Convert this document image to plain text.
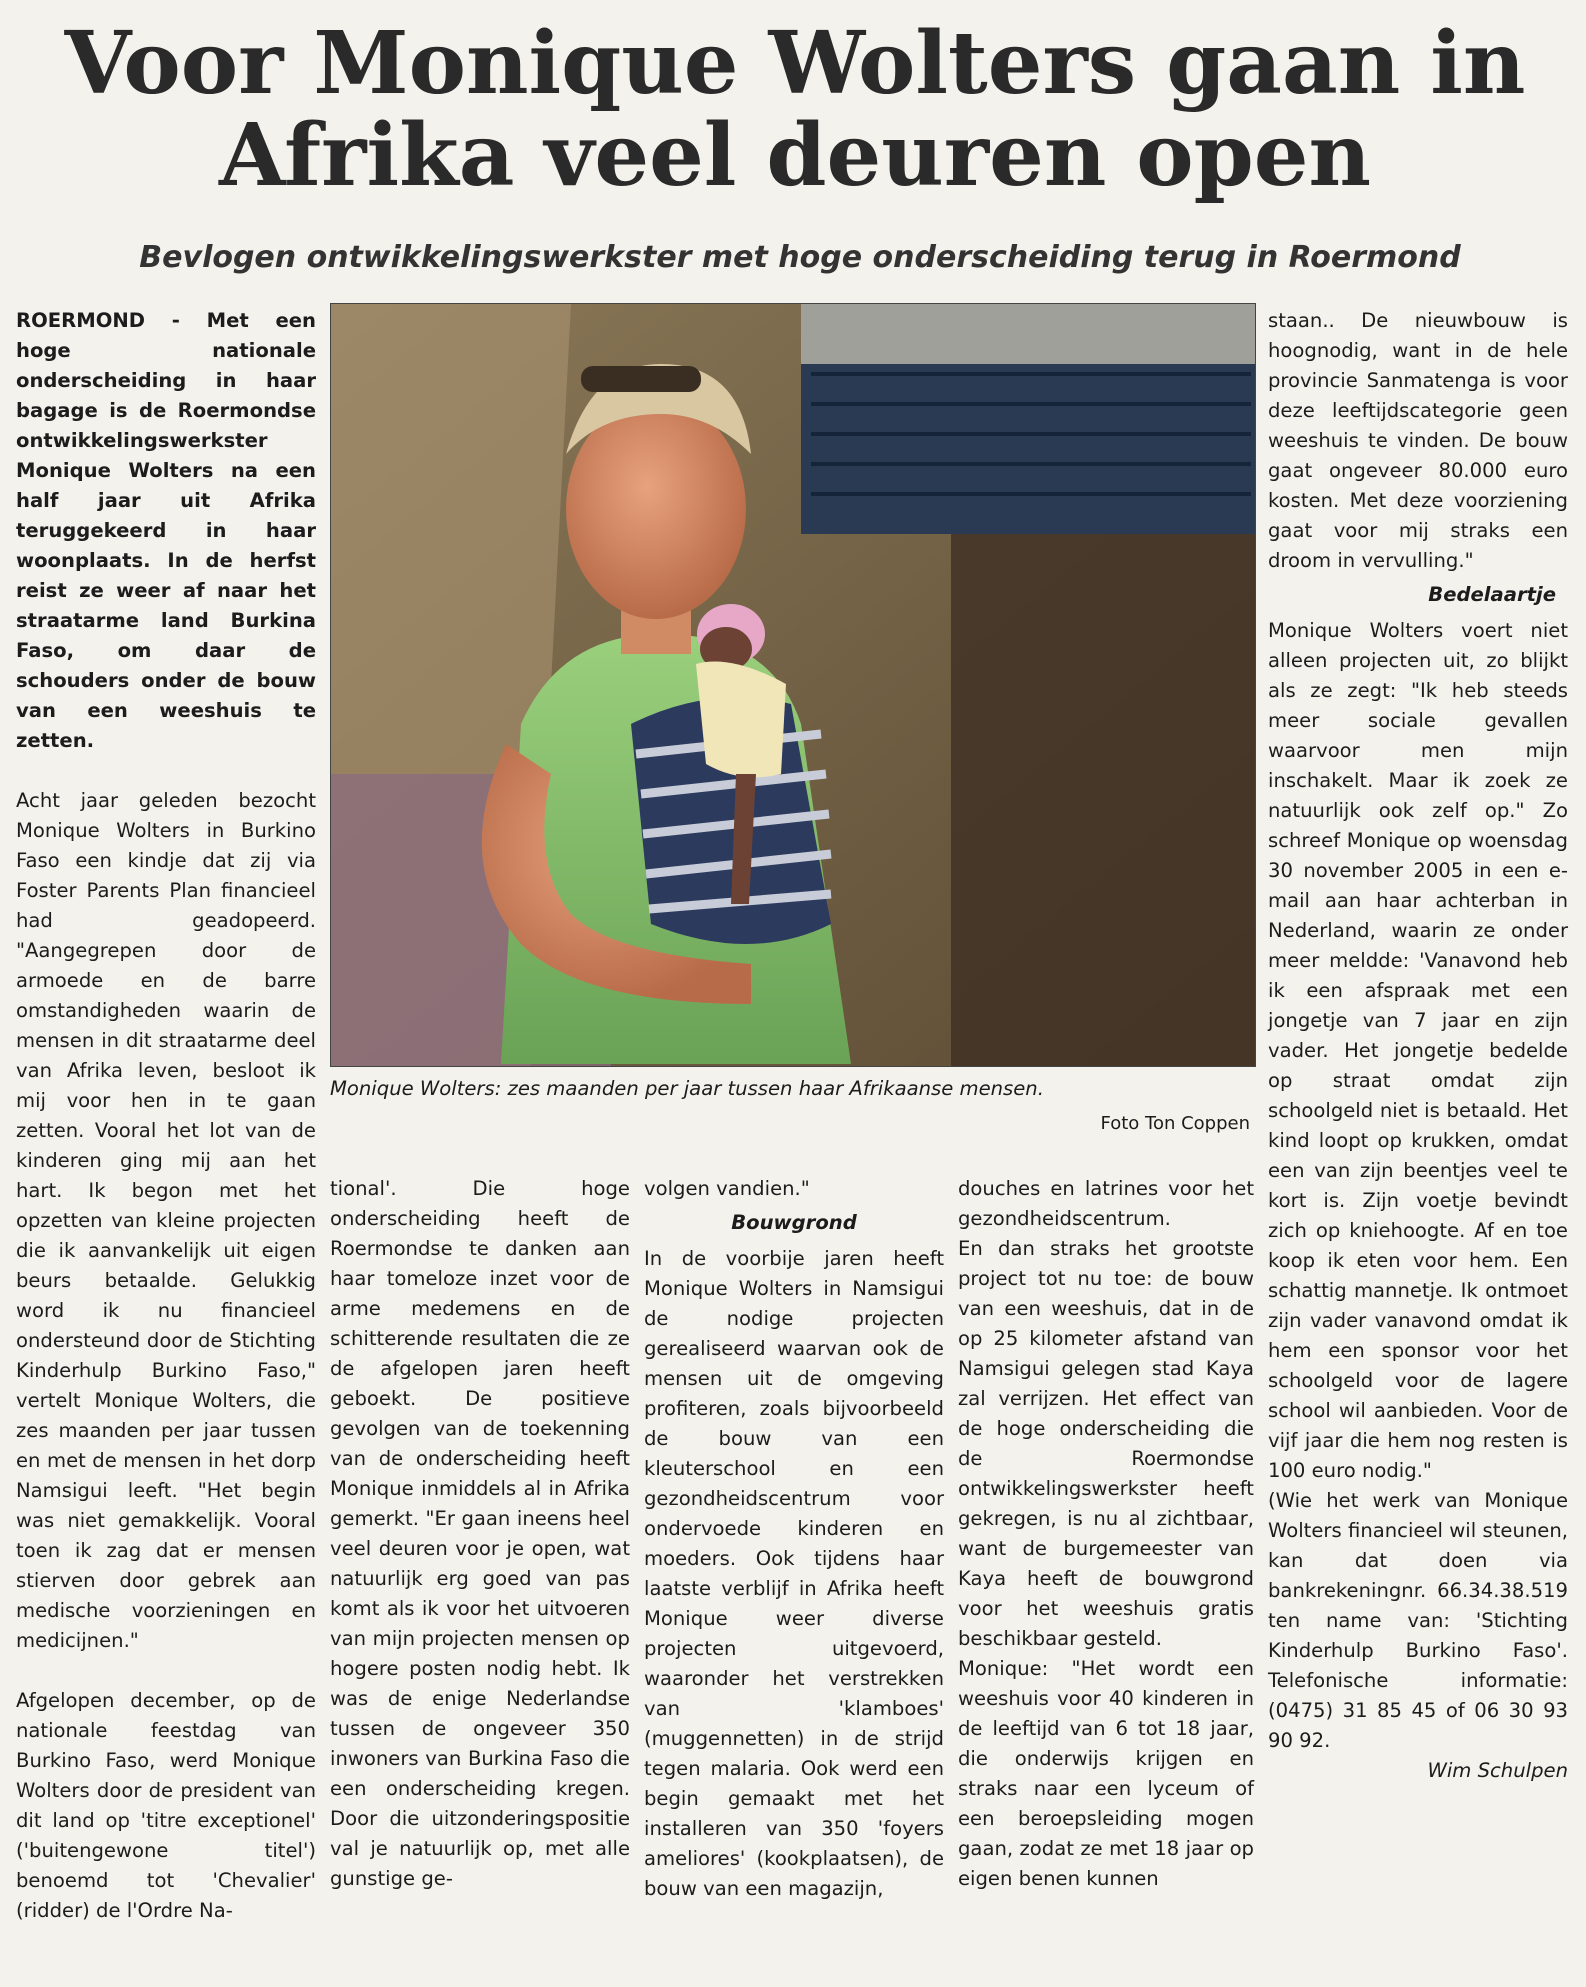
Voor Monique Wolters gaan in Afrika veel deuren open
Bevlogen ontwikkelingswerkster met hoge onderscheiding terug in Roermond

ROERMOND - Met een hoge nationale onderscheiding in haar bagage is de Roermondse ontwikkelingswerkster Monique Wolters na een half jaar uit Afrika teruggekeerd in haar woonplaats. In de herfst reist ze weer af naar het straatarme land Burkina Faso, om daar de schouders onder de bouw van een weeshuis te zetten.

Acht jaar geleden bezocht Monique Wolters in Burkino Faso een kindje dat zij via Foster Parents Plan financieel had geadopeerd. "Aangegrepen door de armoede en de barre omstandigheden waarin de mensen in dit straatarme deel van Afrika leven, besloot ik mij voor hen in te gaan zetten. Vooral het lot van de kinderen ging mij aan het hart. Ik begon met het opzetten van kleine projecten die ik aanvankelijk uit eigen beurs betaalde. Gelukkig word ik nu financieel ondersteund door de Stichting Kinderhulp Burkino Faso," vertelt Monique Wolters, die zes maanden per jaar tussen en met de mensen in het dorp Namsigui leeft. "Het begin was niet gemakkelijk. Vooral toen ik zag dat er mensen stierven door gebrek aan medische voorzieningen en medicijnen."

Afgelopen december, op de nationale feestdag van Burkino Faso, werd Monique Wolters door de president van dit land op 'titre exceptionel' ('buitengewone titel') benoemd tot 'Chevalier' (ridder) de l'Ordre Na-

Monique Wolters: zes maanden per jaar tussen haar Afrikaanse mensen.

Foto Ton Coppen

tional'. Die hoge onderscheiding heeft de Roermondse te danken aan haar tomeloze inzet voor de arme medemens en de schitterende resultaten die ze de afgelopen jaren heeft geboekt. De positieve gevolgen van de toekenning van de onderscheiding heeft Monique inmiddels al in Afrika gemerkt. "Er gaan ineens heel veel deuren voor je open, wat natuurlijk erg goed van pas komt als ik voor het uitvoeren van mijn projecten mensen op hogere posten nodig hebt. Ik was de enige Nederlandse tussen de ongeveer 350 inwoners van Burkina Faso die een onderscheiding kregen. Door die uitzonderingspositie val je natuurlijk op, met alle gunstige ge-

volgen vandien."

Bouwgrond

In de voorbije jaren heeft Monique Wolters in Namsigui de nodige projecten gerealiseerd waarvan ook de mensen uit de omgeving profiteren, zoals bijvoorbeeld de bouw van een kleuterschool en een gezondheidscentrum voor ondervoede kinderen en moeders. Ook tijdens haar laatste verblijf in Afrika heeft Monique weer diverse projecten uitgevoerd, waaronder het verstrekken van 'klamboes' (muggennetten) in de strijd tegen malaria. Ook werd een begin gemaakt met het installeren van 350 'foyers ameliores' (kookplaatsen), de bouw van een magazijn,

douches en latrines voor het gezondheidscentrum.

En dan straks het grootste project tot nu toe: de bouw van een weeshuis, dat in de op 25 kilometer afstand van Namsigui gelegen stad Kaya zal verrijzen. Het effect van de hoge onderscheiding die de Roermondse ontwikkelingswerkster heeft gekregen, is nu al zichtbaar, want de burgemeester van Kaya heeft de bouwgrond voor het weeshuis gratis beschikbaar gesteld.

Monique: "Het wordt een weeshuis voor 40 kinderen in de leeftijd van 6 tot 18 jaar, die onderwijs krijgen en straks naar een lyceum of een beroepsleiding mogen gaan, zodat ze met 18 jaar op eigen benen kunnen

staan.. De nieuwbouw is hoognodig, want in de hele provincie Sanmatenga is voor deze leeftijdscategorie geen weeshuis te vinden. De bouw gaat ongeveer 80.000 euro kosten. Met deze voorziening gaat voor mij straks een droom in vervulling."

Bedelaartje

Monique Wolters voert niet alleen projecten uit, zo blijkt als ze zegt: "Ik heb steeds meer sociale gevallen waarvoor men mijn inschakelt. Maar ik zoek ze natuurlijk ook zelf op." Zo schreef Monique op woensdag 30 november 2005 in een e-mail aan haar achterban in Nederland, waarin ze onder meer meldde: 'Vanavond heb ik een afspraak met een jongetje van 7 jaar en zijn vader. Het jongetje bedelde op straat omdat zijn schoolgeld niet is betaald. Het kind loopt op krukken, omdat een van zijn beentjes veel te kort is. Zijn voetje bevindt zich op kniehoogte. Af en toe koop ik eten voor hem. Een schattig mannetje. Ik ontmoet zijn vader vanavond omdat ik hem een sponsor voor het schoolgeld voor de lagere school wil aanbieden. Voor de vijf jaar die hem nog resten is 100 euro nodig."

(Wie het werk van Monique Wolters financieel wil steunen, kan dat doen via bankrekeningnr. 66.34.38.519 ten name van: 'Stichting Kinderhulp Burkino Faso'. Telefonische informatie: (0475) 31 85 45 of 06 30 93 90 92.

Wim Schulpen
